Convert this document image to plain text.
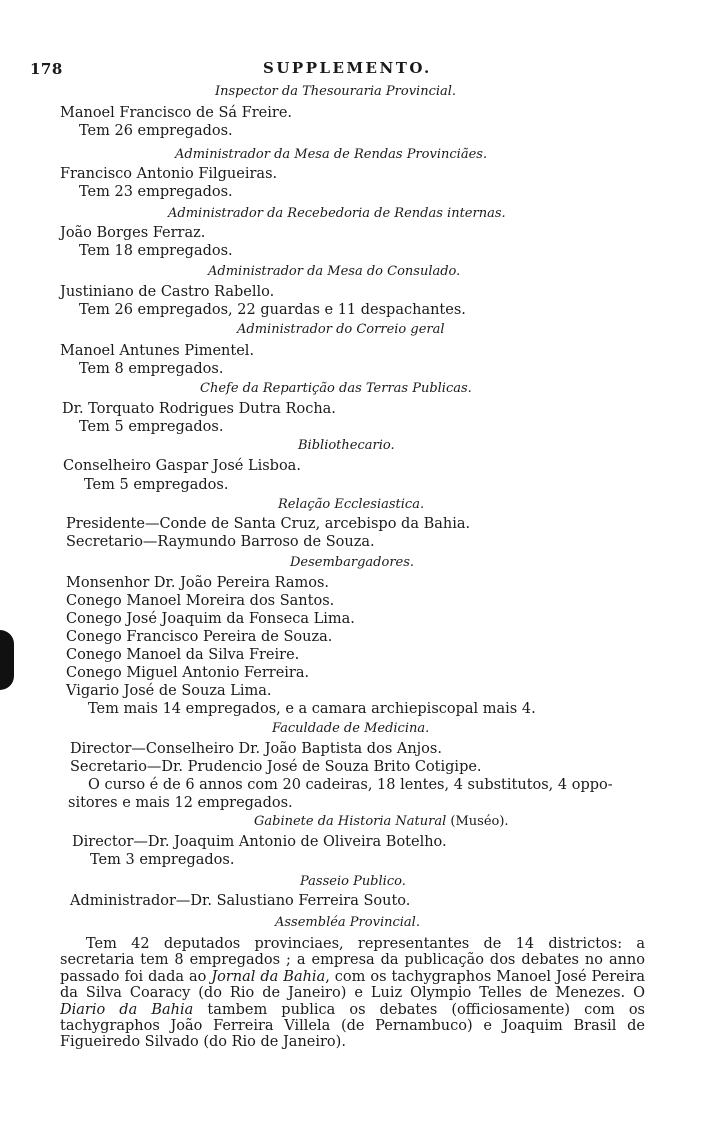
178	SUPPLEMENTO.
Inspector da Thesouraria Provincial.
Manoel Francisco de Sá Freire.
Tem 26 empregados.
Administrador da Mesa de Rendas Provinciães.
Francisco Antonio Filgueiras.
Tem 23 empregados.
Administrador da Recebedoria de Rendas internas.
João Borges Ferraz.
Tem 18 empregados.
Administrador da Mesa do Consulado.
Justiniano de Castro Rabello.
Tem 26 empregados, 22 guardas e 11 despachantes.
Administrador do Correio geral
Manoel Antunes Pimentel.
Tem 8 empregados.
Chefe da Repartição das Terras Publicas.
Dr. Torquato Rodrigues Dutra Rocha.
Tem 5 empregados.
Bibliothecario.
Conselheiro Gaspar José Lisboa.
Tem 5 empregados.
Relação Ecclesiastica.
Presidente—Conde de Santa Cruz, arcebispo da Bahia.
Secretario—Raymundo Barroso de Souza.
Desembargadores.
Monsenhor Dr. João Pereira Ramos.
Conego Manoel Moreira dos Santos.
Conego José Joaquim da Fonseca Lima.
Conego Francisco Pereira de Souza.
Conego Manoel da Silva Freire.
Conego Miguel Antonio Ferreira.
Vigario José de Souza Lima.
Tem mais 14 empregados, e a camara archiepiscopal mais 4.
Faculdade de Medicina.
Director—Conselheiro Dr. João Baptista dos Anjos.
Secretario—Dr. Prudencio José de Souza Brito Cotigipe.
O curso é de 6 annos com 20 cadeiras, 18 lentes, 4 substitutos, 4 oppo-
sitores e mais 12 empregados.
Gabinete da Historia Natural (Muséo).
Director—Dr. Joaquim Antonio de Oliveira Botelho.
Tem 3 empregados.
Passeio Publico.
Administrador—Dr. Salustiano Ferreira Souto.
Assembléa Provincial.
Tem 42 deputados provinciaes, representantes de 14 districtos: a secretaria tem 8 empregados ; a empresa da publicação dos debates no anno passado foi dada ao Jornal da Bahia, com os tachygraphos Manoel José Pereira da Silva Coaracy (do Rio de Janeiro) e Luiz Olympio Telles de Menezes. O Diario da Bahia tambem publica os debates (officiosamente) com os tachygraphos João Ferreira Villela (de Pernambuco) e Joaquim Brasil de Figueiredo Silvado (do Rio de Janeiro).
